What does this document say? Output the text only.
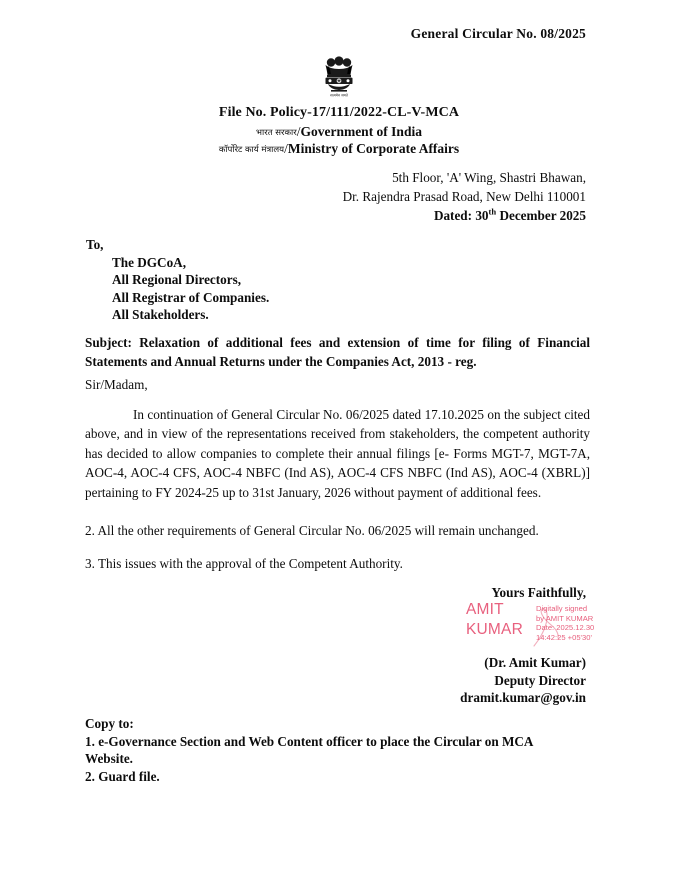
General Circular No. 08/2025
सत्यमेव जयते
File No. Policy-17/111/2022-CL-V-MCA
भारत सरकार/Government of India
कॉर्पोरेट कार्य मंत्रालय/Ministry of Corporate Affairs
5th Floor, 'A' Wing, Shastri Bhawan,
Dr. Rajendra Prasad Road, New Delhi 110001
Dated: 30th December 2025
To,
The DGCoA,
All Regional Directors,
All Registrar of Companies.
All Stakeholders.
Subject: Relaxation of additional fees and extension of time for filing of Financial Statements and Annual Returns under the Companies Act, 2013 - reg.
Sir/Madam,
In continuation of General Circular No. 06/2025 dated 17.10.2025 on the subject cited above, and in view of the representations received from stakeholders, the competent authority has decided to allow companies to complete their annual filings [e- Forms MGT-7, MGT-7A, AOC-4, AOC-4 CFS, AOC-4 NBFC (Ind AS), AOC-4 CFS NBFC (Ind AS), AOC-4 (XBRL)] pertaining to FY 2024-25 up to 31st January, 2026 without payment of additional fees.
2. All the other requirements of General Circular No. 06/2025 will remain unchanged.
3. This issues with the approval of the Competent Authority.
Yours Faithfully,
AMIT
KUMAR
Digitally signed
by AMIT KUMAR
Date: 2025.12.30
14:42:25 +05'30'
(Dr. Amit Kumar)
Deputy Director
dramit.kumar@gov.in
Copy to:
1. e-Governance Section and Web Content officer to place the Circular on MCA Website.
2. Guard file.
